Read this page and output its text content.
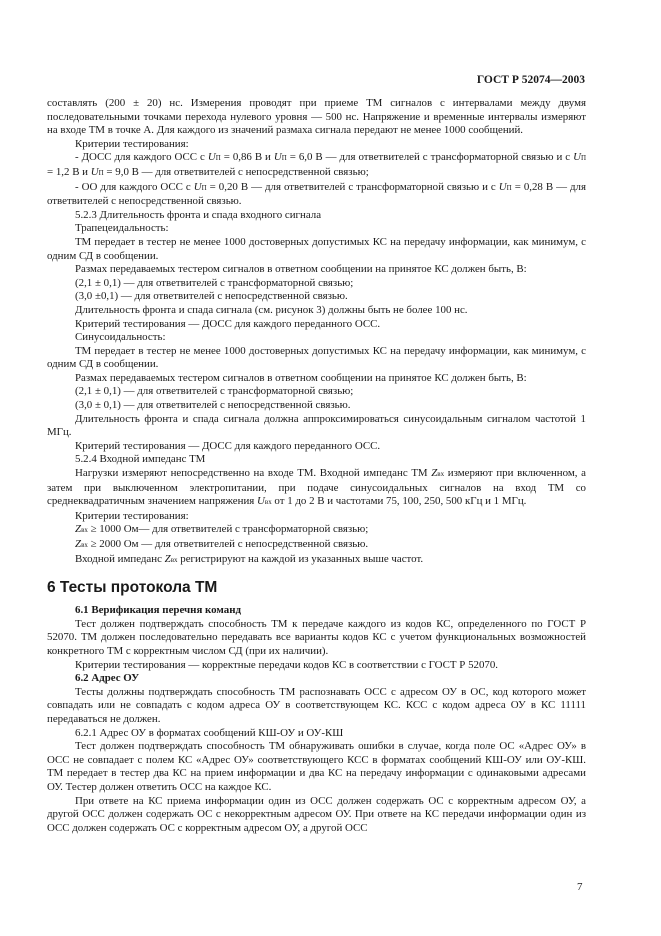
ГОСТ Р 52074—2003

составлять (200 ± 20) нс. Измерения проводят при приеме ТМ сигналов с интервалами между двумя последовательными точками перехода нулевого уровня — 500 нс. Напряжение и временные интервалы измеряют на входе ТМ в точке А. Для каждого из значений размаха сигнала передают не менее 1000 сообщений.

Критерии тестирования:

- ДОСС для каждого ОСС с UП = 0,86 В и UП = 6,0 В — для ответвителей с трансформаторной связью и с UП = 1,2 В и UП = 9,0 В — для ответвителей с непосредственной связью;

- ОО для каждого ОСС с UП = 0,20 В — для ответвителей с трансформаторной связью и с UП = 0,28 В — для ответвителей с непосредственной связью.

5.2.3 Длительность фронта и спада входного сигнала

Трапецеидальность:

ТМ передает в тестер не менее 1000 достоверных допустимых КС на передачу информации, как минимум, с одним СД в сообщении.

Размах передаваемых тестером сигналов в ответном сообщении на принятое КС должен быть, В:

(2,1 ± 0,1) — для ответвителей с трансформаторной связью;

(3,0 ±0,1) — для ответвителей с непосредственной связью.

Длительность фронта и спада сигнала (см. рисунок 3) должны быть не более 100 нс.

Критерий тестирования — ДОСС для каждого переданного ОСС.

Синусоидальность:

ТМ передает в тестер не менее 1000 достоверных допустимых КС на передачу информации, как минимум, с одним СД в сообщении.

Размах передаваемых тестером сигналов в ответном сообщении на принятое КС должен быть, В:

(2,1 ± 0,1) — для ответвителей с трансформаторной связью;

(3,0 ± 0,1) — для ответвителей с непосредственной связью.

Длительность фронта и спада сигнала должна аппроксимироваться синусоидальным сигналом частотой 1 МГц.

Критерий тестирования — ДОСС для каждого переданного ОСС.

5.2.4 Входной импеданс ТМ

Нагрузки измеряют непосредственно на входе ТМ. Входной импеданс ТМ Zвх измеряют при включенном, а затем при выключенном электропитании, при подаче синусоидальных сигналов на вход ТМ со среднеквадратичным значением напряжения Uвх от 1 до 2 В и частотами 75, 100, 250, 500 кГц и 1 МГц.

Критерии тестирования:

Zвх ≥ 1000 Ом— для ответвителей с трансформаторной связью;

Zвх ≥ 2000 Ом — для ответвителей с непосредственной связью.

Входной импеданс Zвх регистрируют на каждой из указанных выше частот.

6 Тесты протокола ТМ

6.1 Верификация перечня команд

Тест должен подтверждать способность ТМ к передаче каждого из кодов КС, определенного по ГОСТ Р 52070. ТМ должен последовательно передавать все варианты кодов КС с учетом функциональных возможностей конкретного ТМ с корректным числом СД (при их наличии).

Критерии тестирования — корректные передачи кодов КС в соответствии с ГОСТ Р 52070.

6.2 Адрес ОУ

Тесты должны подтверждать способность ТМ распознавать ОСС с адресом ОУ в ОС, код которого может совпадать или не совпадать с кодом адреса ОУ в соответствующем КС. КСС с кодом адреса ОУ в КС 11111 передаваться не должен.

6.2.1 Адрес ОУ в форматах сообщений КШ-ОУ и ОУ-КШ

Тест должен подтверждать способность ТМ обнаруживать ошибки в случае, когда поле ОС «Адрес ОУ» в ОСС не совпадает с полем КС «Адрес ОУ» соответствующего КСС в форматах сообщений КШ-ОУ или ОУ-КШ. ТМ передает в тестер два КС на прием информации и два КС на передачу информации с одинаковыми адресами ОУ. Тестер должен ответить ОСС на каждое КС.

При ответе на КС приема информации один из ОСС должен содержать ОС с корректным адресом ОУ, а другой ОСС должен содержать ОС с некорректным адресом ОУ. При ответе на КС передачи информации один из ОСС должен содержать ОС с корректным адресом ОУ, а другой ОСС

7
